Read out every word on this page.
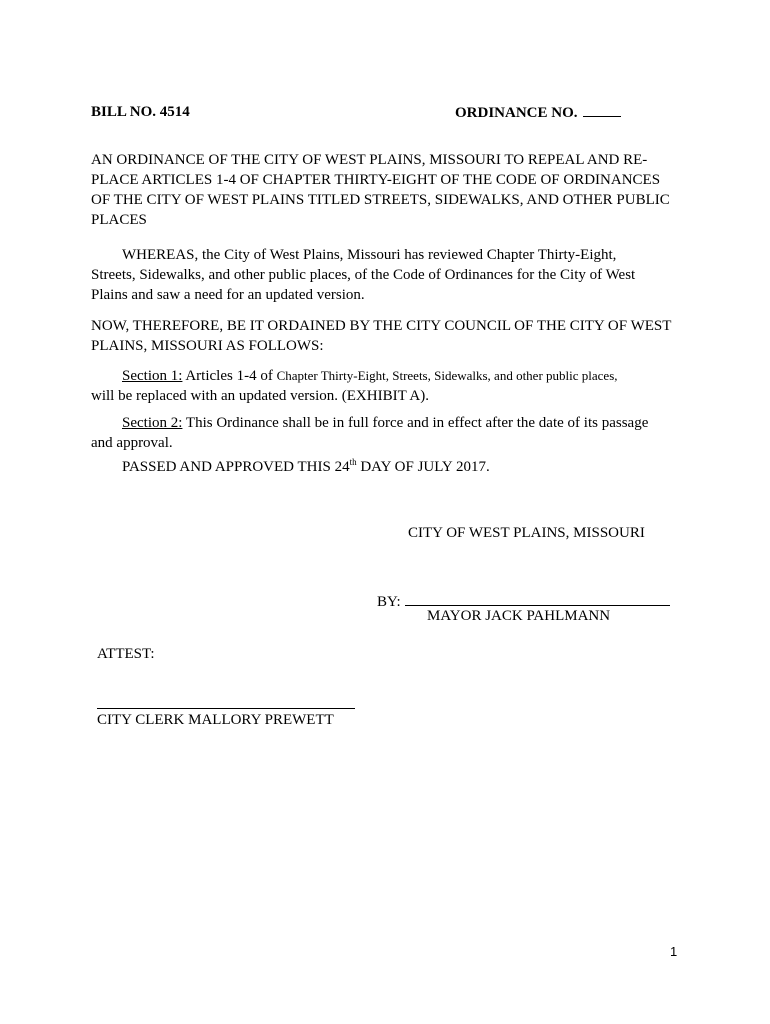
BILL NO. 4514	ORDINANCE NO.
AN ORDINANCE OF THE CITY OF WEST PLAINS, MISSOURI TO REPEAL AND RE-
PLACE ARTICLES 1-4 OF CHAPTER THIRTY-EIGHT OF THE CODE OF ORDINANCES
OF THE CITY OF WEST PLAINS TITLED STREETS, SIDEWALKS, AND OTHER PUBLIC
PLACES
WHEREAS, the City of West Plains, Missouri has reviewed Chapter Thirty-Eight,
Streets, Sidewalks, and other public places, of the Code of Ordinances for the City of West
Plains and saw a need for an updated version.
NOW, THEREFORE, BE IT ORDAINED BY THE CITY COUNCIL OF THE CITY OF WEST
PLAINS, MISSOURI AS FOLLOWS:
Section 1: Articles 1-4 of Chapter Thirty-Eight, Streets, Sidewalks, and other public places,
will be replaced with an updated version. (EXHIBIT A).
Section 2: This Ordinance shall be in full force and in effect after the date of its passage
and approval.
PASSED AND APPROVED THIS 24th DAY OF JULY 2017.
CITY OF WEST PLAINS, MISSOURI
BY:
MAYOR JACK PAHLMANN
ATTEST:
CITY CLERK MALLORY PREWETT
1
